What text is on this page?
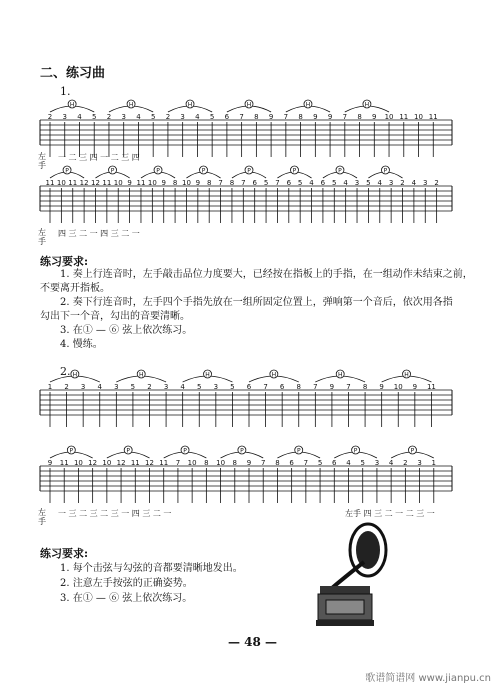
二、练习曲
1.
2 3 4 5 2 3 4 5 2 3 4 5 6 7 8 9 7 8 9 9 7 8 9 10 11 10 11
H	H	H	H	H	H
左
手
一 二 三 四 一 二 三 四
11 10 11 12 12 11 10 9 11 10 9 8 10 9 8 7 8 7 6 5 7 6 5 4 6 5 4 3 5 4 3 2 4 3 2
P	P	P	P	P	P	P	P
左
手
四 三 二 一 四 三 二 一
练习要求:
1. 奏上行连音时，左手敲击品位力度要大，已经按在指板上的手指，在一组动作未结束之前，
不要离开指板。
2. 奏下行连音时，左手四个手指先放在一组所固定位置上，弹响第一个音后，依次用各指
勾出下一个音，勾出的音要清晰。
3. 在① — ⑥ 弦上依次练习。
4. 慢练。
2.
1 2 3 4 3 5 2 3 4 5 3 5 6 7 6 8 7 9 7 8 9 10 9 11
H	H	H	H	H	H
9 11 10 12 10 12 11 12 11 7 10 8 10 8 9 7 8 6 7 5 6 4 5 3 4 2 3 1
P	P	P	P	P	P	P
左
手
一 三 二 三 二 三 一 四 三 二 一	左手 四 三 二 一 二 三 一
练习要求:
1. 每个击弦与勾弦的音都要清晰地发出。
2. 注意左手按弦的正确姿势。
3. 在① — ⑥ 弦上依次练习。
— 48 —
歌谱简谱网 www.jianpu.cn
